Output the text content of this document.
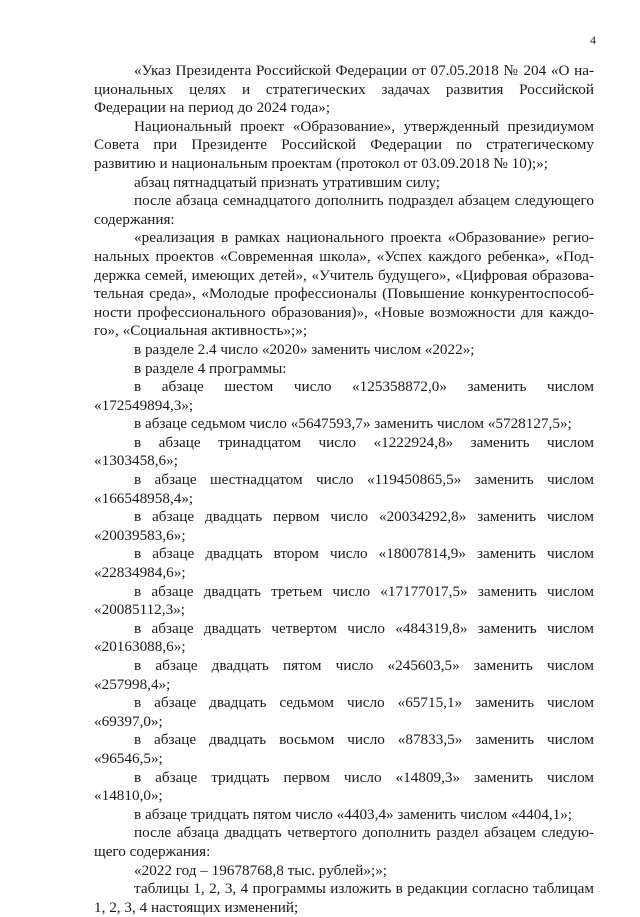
4

«Указ Президента Российской Федерации от 07.05.2018 № 204 «О национальных целях и стратегических задачах развития Российской Федерации на период до 2024 года»;

Национальный проект «Образование», утвержденный президиумом Совета при Президенте Российской Федерации по стратегическому развитию и национальным проектам (протокол от 03.09.2018 № 10);»;

абзац пятнадцатый признать утратившим силу;

после абзаца семнадцатого дополнить подраздел абзацем следующего содержания:

«реализация в рамках национального проекта «Образование» региональных проектов «Современная школа», «Успех каждого ребенка», «Поддержка семей, имеющих детей», «Учитель будущего», «Цифровая образовательная среда», «Молодые профессионалы (Повышение конкурентоспособности профессионального образования)», «Новые возможности для каждого», «Социальная активность»;»;

в разделе 2.4 число «2020» заменить числом «2022»;

в разделе 4 программы:

в абзаце шестом число «125358872,0» заменить числом «172549894,3»;

в абзаце седьмом число «5647593,7» заменить числом «5728127,5»;

в абзаце тринадцатом число «1222924,8» заменить числом «1303458,6»;

в абзаце шестнадцатом число «119450865,5» заменить числом «166548958,4»;

в абзаце двадцать первом число «20034292,8» заменить числом «20039583,6»;

в абзаце двадцать втором число «18007814,9» заменить числом «22834984,6»;

в абзаце двадцать третьем число «17177017,5» заменить числом «20085112,3»;

в абзаце двадцать четвертом число «484319,8» заменить числом «20163088,6»;

в абзаце двадцать пятом число «245603,5» заменить числом «257998,4»;

в абзаце двадцать седьмом число «65715,1» заменить числом «69397,0»;

в абзаце двадцать восьмом число «87833,5» заменить числом «96546,5»;

в абзаце тридцать первом число «14809,3» заменить числом «14810,0»;

в абзаце тридцать пятом число «4403,4» заменить числом «4404,1»;

после абзаца двадцать четвертого дополнить раздел абзацем следующего содержания:

«2022 год – 19678768,8 тыс. рублей»;»;

таблицы 1, 2, 3, 4 программы изложить в редакции согласно таблицам 1, 2, 3, 4 настоящих изменений;
